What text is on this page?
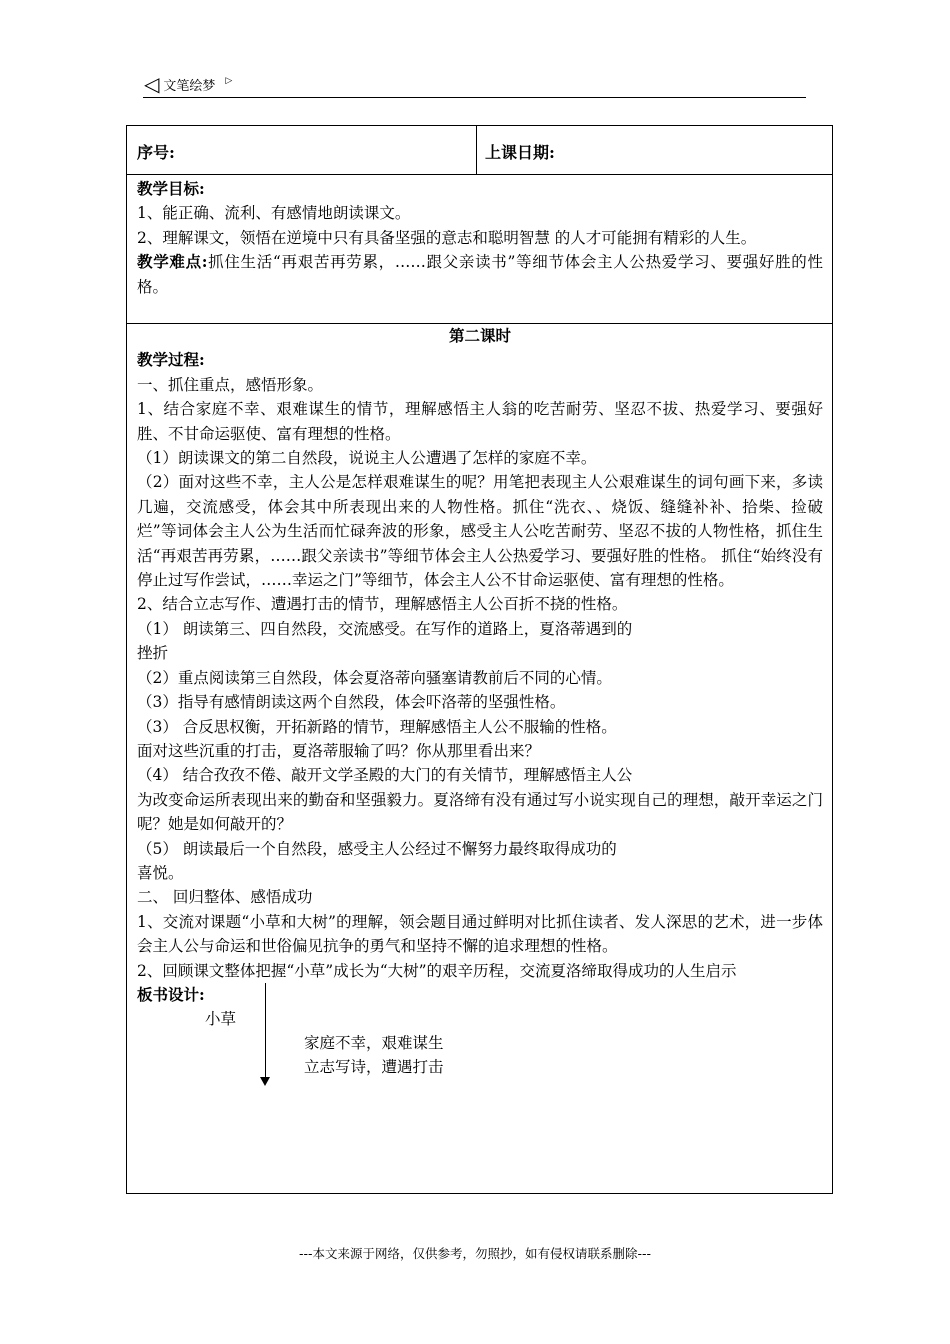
◁ 文笔绘梦 ▷
序号:	上课日期:

教学目标:

1、能正确、流利、有感情地朗读课文。

2、理解课文，领悟在逆境中只有具备坚强的意志和聪明智慧 的人才可能拥有精彩的人生。

教学难点:抓住生活“再艰苦再劳累，……跟父亲读书”等细节体会主人公热爱学习、要强好胜的性格。

第二课时

教学过程:

一、抓住重点，感悟形象。

1、结合家庭不幸、艰难谋生的情节，理解感悟主人翁的吃苦耐劳、坚忍不拔、热爱学习、要强好胜、不甘命运驱使、富有理想的性格。

（1）朗读课文的第二自然段，说说主人公遭遇了怎样的家庭不幸。

（2）面对这些不幸，主人公是怎样艰难谋生的呢？用笔把表现主人公艰难谋生的词句画下来，多读几遍，交流感受，体会其中所表现出来的人物性格。抓住“洗衣、、烧饭、缝缝补补、拾柴、捡破烂”等词体会主人公为生活而忙碌奔波的形象，感受主人公吃苦耐劳、坚忍不拔的人物性格，抓住生活“再艰苦再劳累，……跟父亲读书”等细节体会主人公热爱学习、要强好胜的性格。 抓住“始终没有停止过写作尝试，……幸运之门”等细节，体会主人公不甘命运驱使、富有理想的性格。

2、结合立志写作、遭遇打击的情节，理解感悟主人公百折不挠的性格。

（1） 朗读第三、四自然段，交流感受。在写作的道路上，夏洛蒂遇到的

挫折

（2）重点阅读第三自然段，体会夏洛蒂向骚塞请教前后不同的心情。

（3）指导有感情朗读这两个自然段，体会吓洛蒂的坚强性格。

（3） 合反思权衡，开拓新路的情节，理解感悟主人公不服输的性格。

面对这些沉重的打击，夏洛蒂服输了吗？你从那里看出来？

（4） 结合孜孜不倦、敲开文学圣殿的大门的有关情节，理解感悟主人公

为改变命运所表现出来的勤奋和坚强毅力。夏洛缔有没有通过写小说实现自己的理想，敲开幸运之门呢？她是如何敲开的？

（5） 朗读最后一个自然段，感受主人公经过不懈努力最终取得成功的

喜悦。

二、 回归整体、感悟成功

1、交流对课题“小草和大树”的理解，领会题目通过鲜明对比抓住读者、发人深思的艺术，进一步体会主人公与命运和世俗偏见抗争的勇气和坚持不懈的追求理想的性格。

2、回顾课文整体把握“小草”成长为“大树”的艰辛历程，交流夏洛缔取得成功的人生启示

板书设计:
小草
家庭不幸，艰难谋生
立志写诗，遭遇打击
---本文来源于网络，仅供参考，勿照抄，如有侵权请联系删除---
